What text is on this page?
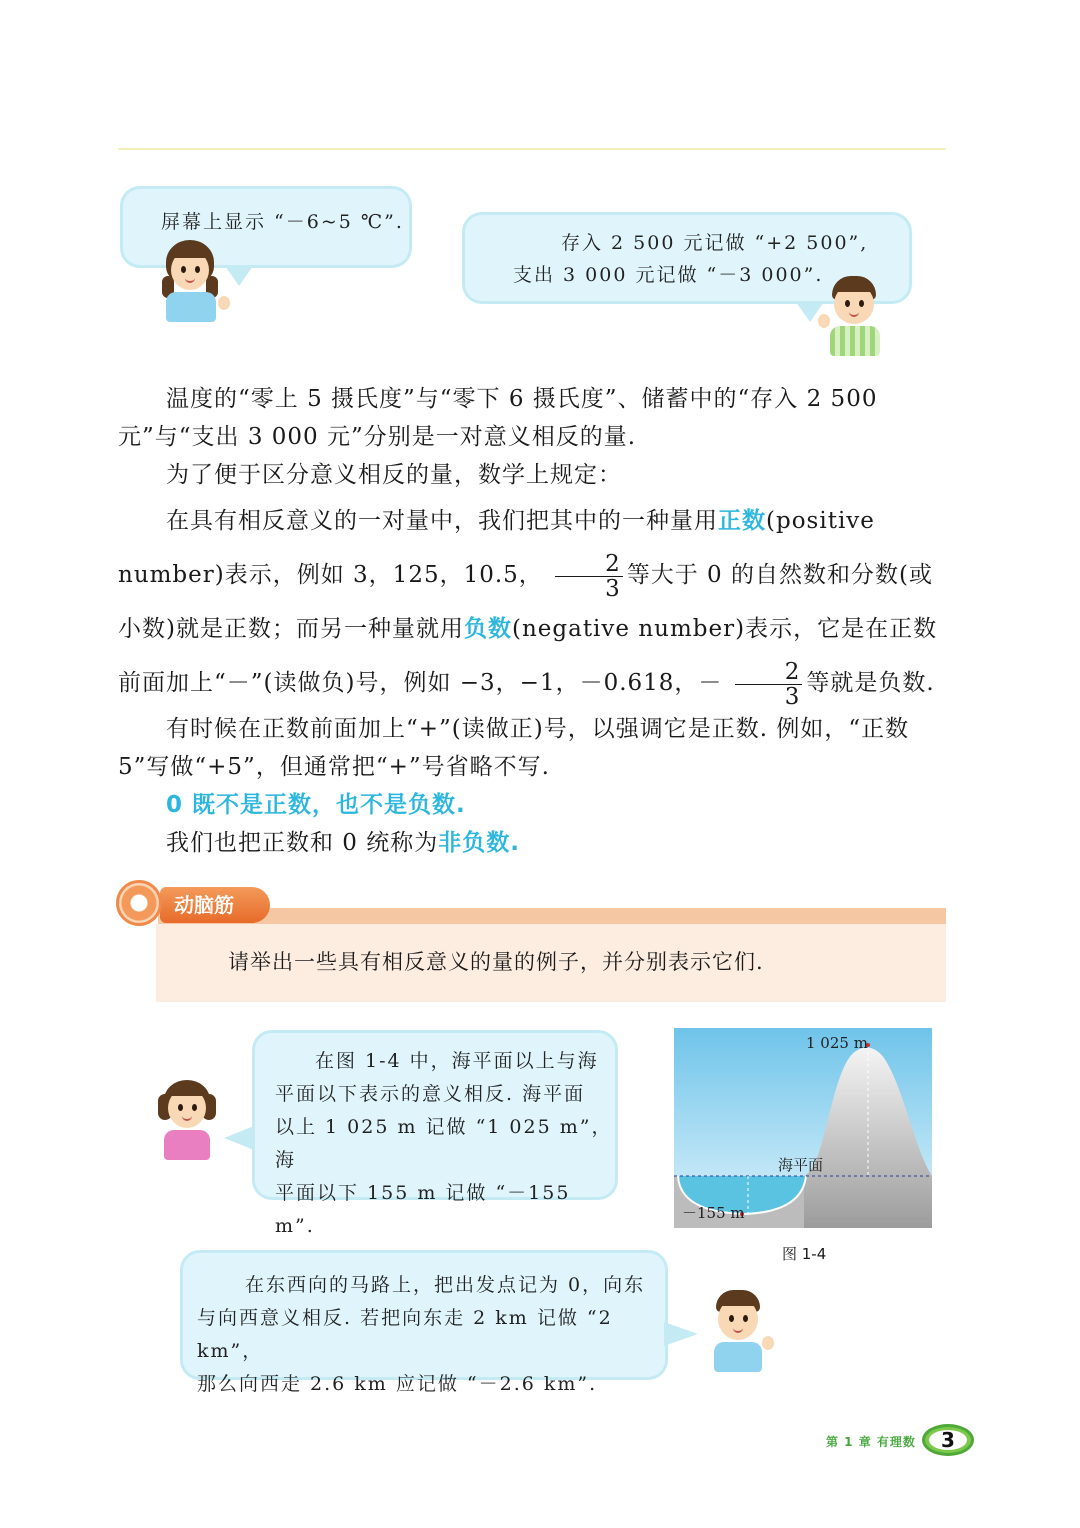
屏幕上显示 “－6~5 ℃”.
存入 2 500 元记做 “+2 500”,
支出 3 000 元记做 “－3 000”.
温度的“零上 5 摄氏度”与“零下 6 摄氏度”、储蓄中的“存入 2 500 元”与“支出 3 000 元”分别是一对意义相反的量.
为了便于区分意义相反的量，数学上规定：
在具有相反意义的一对量中，我们把其中的一种量用正数(positive number)表示，例如 3，125，10.5， $\frac{2}{3}$ 等大于 0 的自然数和分数(或小数)就是正数；而另一种量就用负数(negative number)表示，它是在正数前面加上“－”(读做负)号，例如 −3，−1，－0.618，－ $\frac{2}{3}$ 等就是负数.
有时候在正数前面加上“+”(读做正)号，以强调它是正数. 例如，“正数 5”写做“+5”，但通常把“+”号省略不写.
0 既不是正数，也不是负数.
我们也把正数和 0 统称为非负数.
动脑筋
请举出一些具有相反意义的量的例子，并分别表示它们.
在图 1-4 中，海平面以上与海
平面以下表示的意义相反. 海平面
以上 1 025 m 记做 “1 025 m”，海
平面以下 155 m 记做 “－155 m”.
1 025 m
海平面
－155 m
图 1-4
在东西向的马路上，把出发点记为 0，向东
与向西意义相反. 若把向东走 2 km 记做 “2 km”，
那么向西走 2.6 km 应记做 “－2.6 km”.
第 1 章 有理数	3
